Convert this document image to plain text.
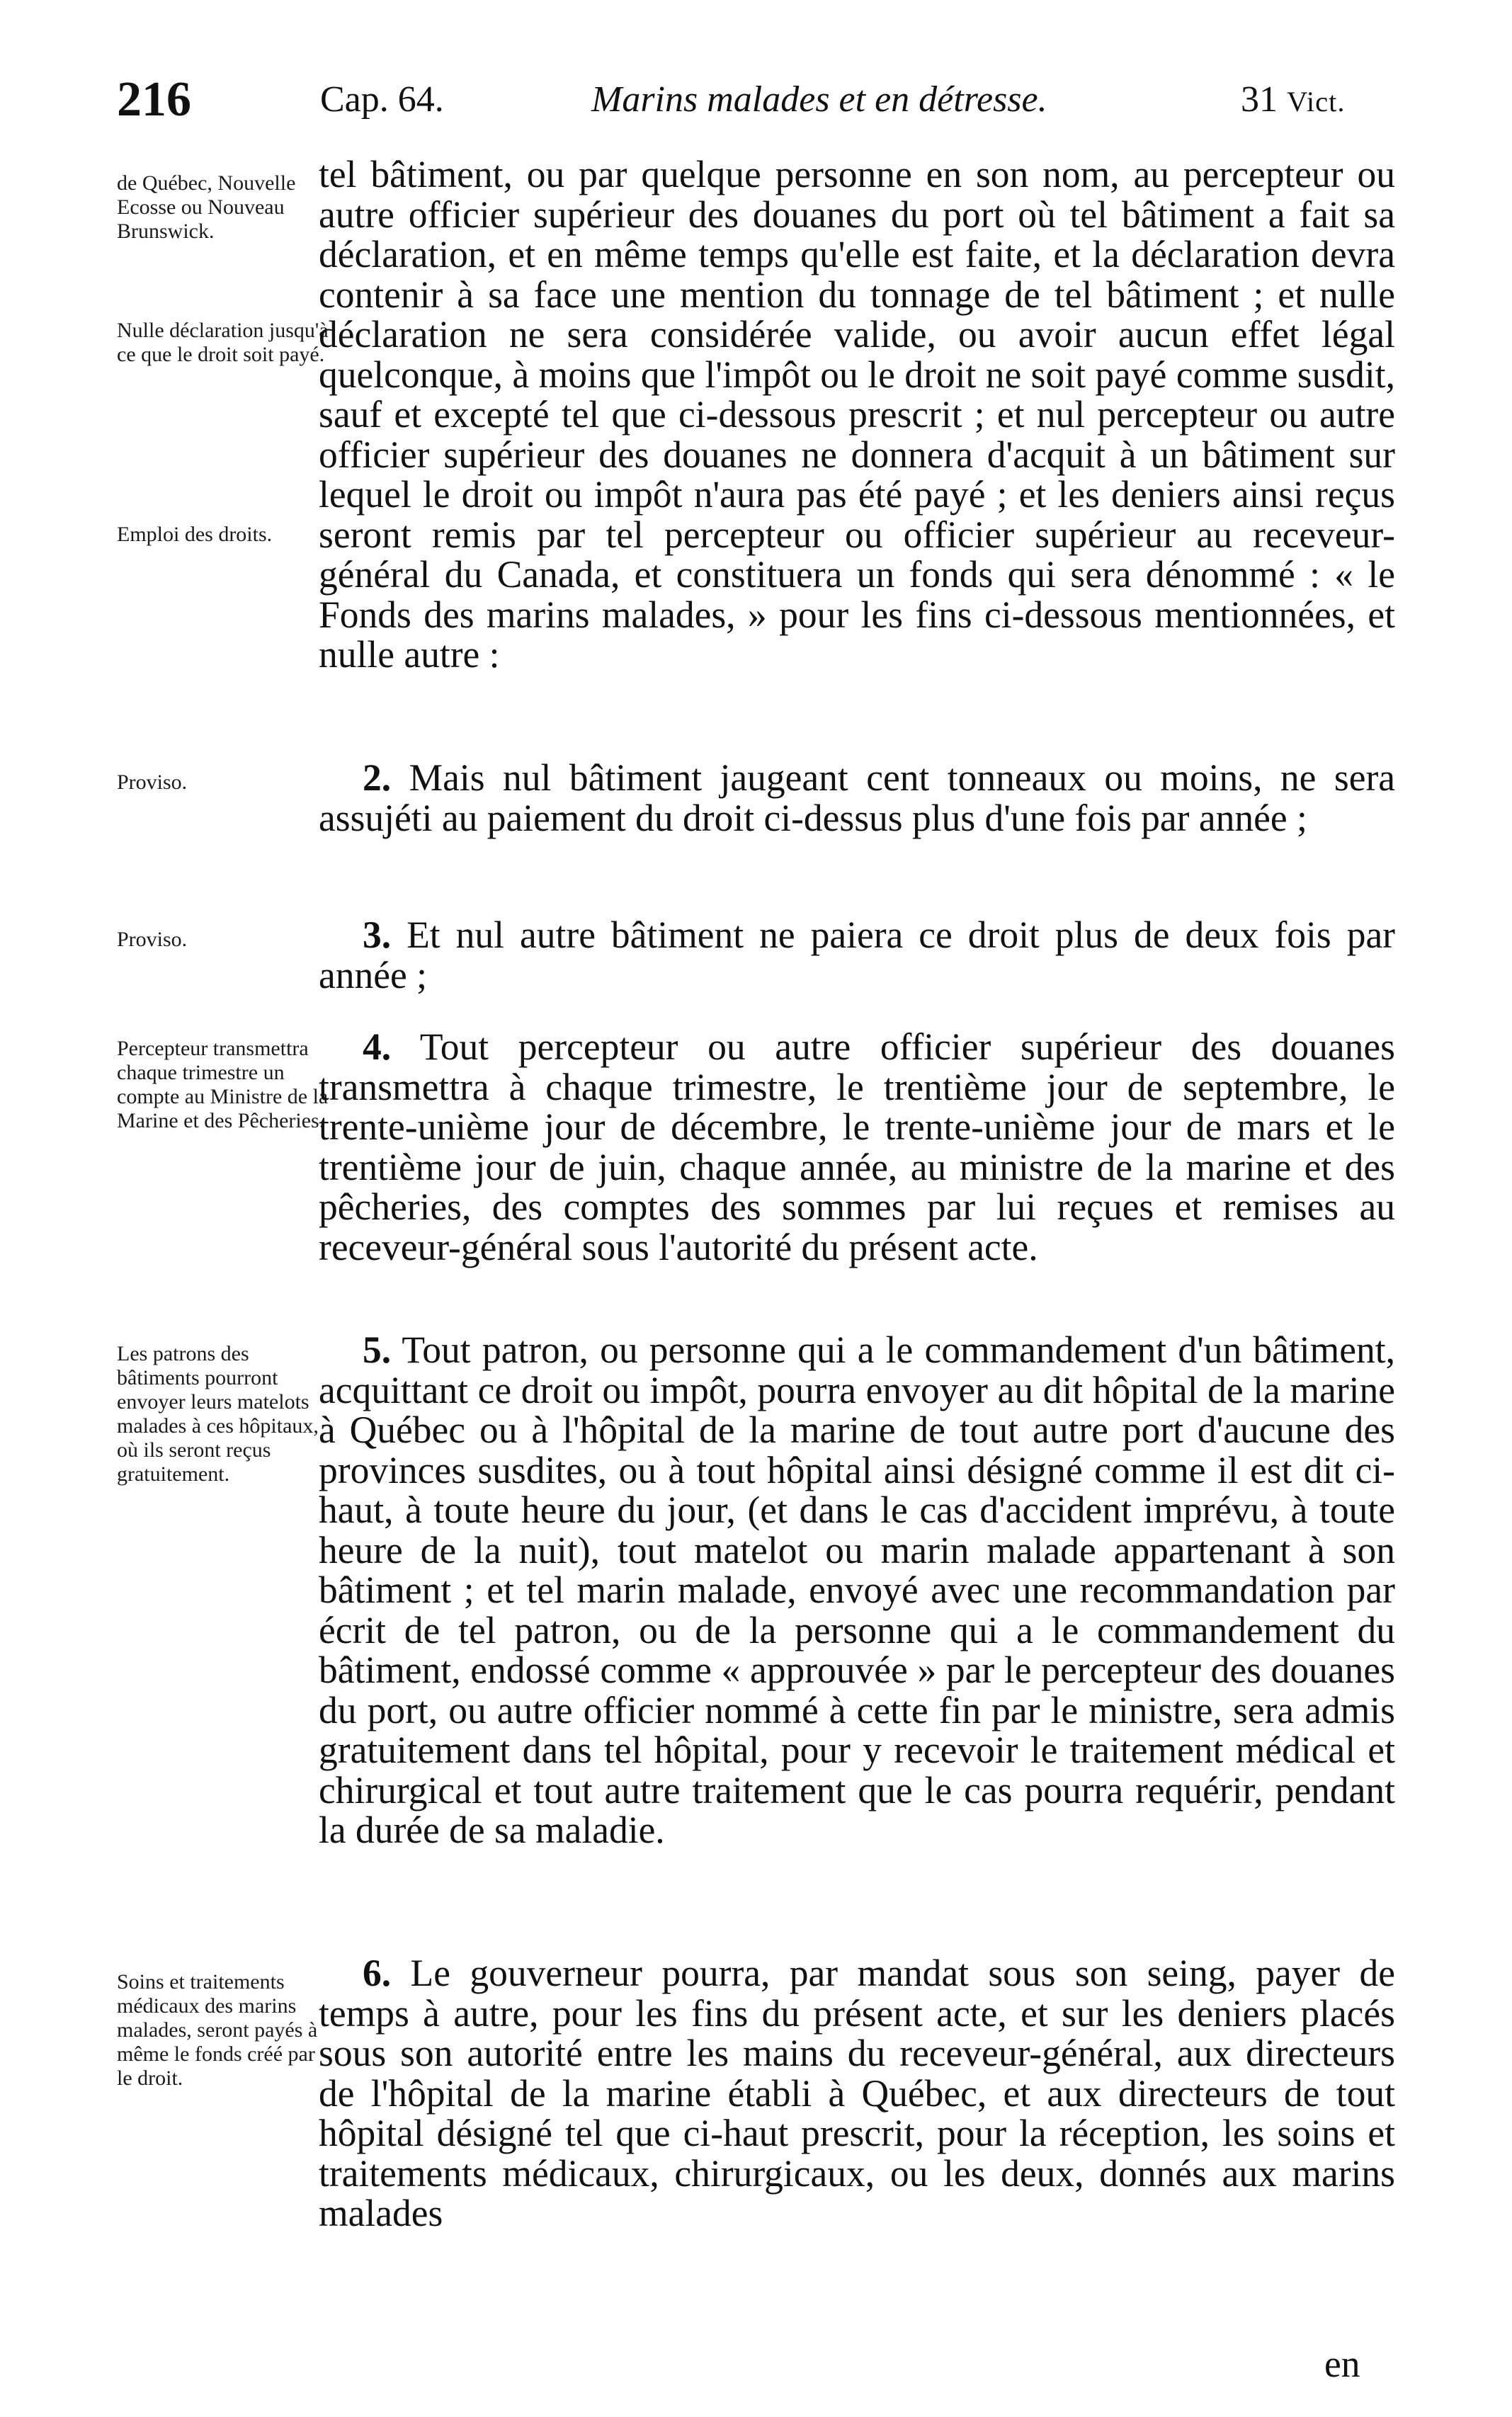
216	Cap. 64.	Marins malades et en détresse.	31 Vict.
de Québec, Nouvelle Ecosse ou Nouveau Brunswick.
Nulle déclaration jusqu'à ce que le droit soit payé.
Emploi des droits.
Proviso.
Proviso.
Percepteur transmettra chaque trimestre un compte au Ministre de la Marine et des Pêcheries.
Les patrons des bâtiments pourront envoyer leurs matelots malades à ces hôpitaux, où ils seront reçus gratuitement.
Soins et traitements médicaux des marins malades, seront payés à même le fonds créé par le droit.
tel bâtiment, ou par quelque personne en son nom, au percepteur ou autre officier supérieur des douanes du port où tel bâtiment a fait sa déclaration, et en même temps qu'elle est faite, et la déclaration devra contenir à sa face une mention du tonnage de tel bâtiment ; et nulle déclaration ne sera considérée valide, ou avoir aucun effet légal quelconque, à moins que l'impôt ou le droit ne soit payé comme susdit, sauf et excepté tel que ci-dessous prescrit ; et nul percepteur ou autre officier supérieur des douanes ne donnera d'acquit à un bâtiment sur lequel le droit ou impôt n'aura pas été payé ; et les deniers ainsi reçus seront remis par tel percepteur ou officier supérieur au receveur-général du Canada, et constituera un fonds qui sera dénommé : « le Fonds des marins malades, » pour les fins ci-dessous mentionnées, et nulle autre :
2. Mais nul bâtiment jaugeant cent tonneaux ou moins, ne sera assujéti au paiement du droit ci-dessus plus d'une fois par année ;
3. Et nul autre bâtiment ne paiera ce droit plus de deux fois par année ;
4. Tout percepteur ou autre officier supérieur des douanes transmettra à chaque trimestre, le trentième jour de septembre, le trente-unième jour de décembre, le trente-unième jour de mars et le trentième jour de juin, chaque année, au ministre de la marine et des pêcheries, des comptes des sommes par lui reçues et remises au receveur-général sous l'autorité du présent acte.
5. Tout patron, ou personne qui a le commandement d'un bâtiment, acquittant ce droit ou impôt, pourra envoyer au dit hôpital de la marine à Québec ou à l'hôpital de la marine de tout autre port d'aucune des provinces susdites, ou à tout hôpital ainsi désigné comme il est dit ci-haut, à toute heure du jour, (et dans le cas d'accident imprévu, à toute heure de la nuit), tout matelot ou marin malade appartenant à son bâtiment ; et tel marin malade, envoyé avec une recommandation par écrit de tel patron, ou de la personne qui a le commandement du bâtiment, endossé comme « approuvée » par le percepteur des douanes du port, ou autre officier nommé à cette fin par le ministre, sera admis gratuitement dans tel hôpital, pour y recevoir le traitement médical et chirurgical et tout autre traitement que le cas pourra requérir, pendant la durée de sa maladie.
6. Le gouverneur pourra, par mandat sous son seing, payer de temps à autre, pour les fins du présent acte, et sur les deniers placés sous son autorité entre les mains du receveur-général, aux directeurs de l'hôpital de la marine établi à Québec, et aux directeurs de tout hôpital désigné tel que ci-haut prescrit, pour la réception, les soins et traitements médicaux, chirurgicaux, ou les deux, donnés aux marins malades
en
